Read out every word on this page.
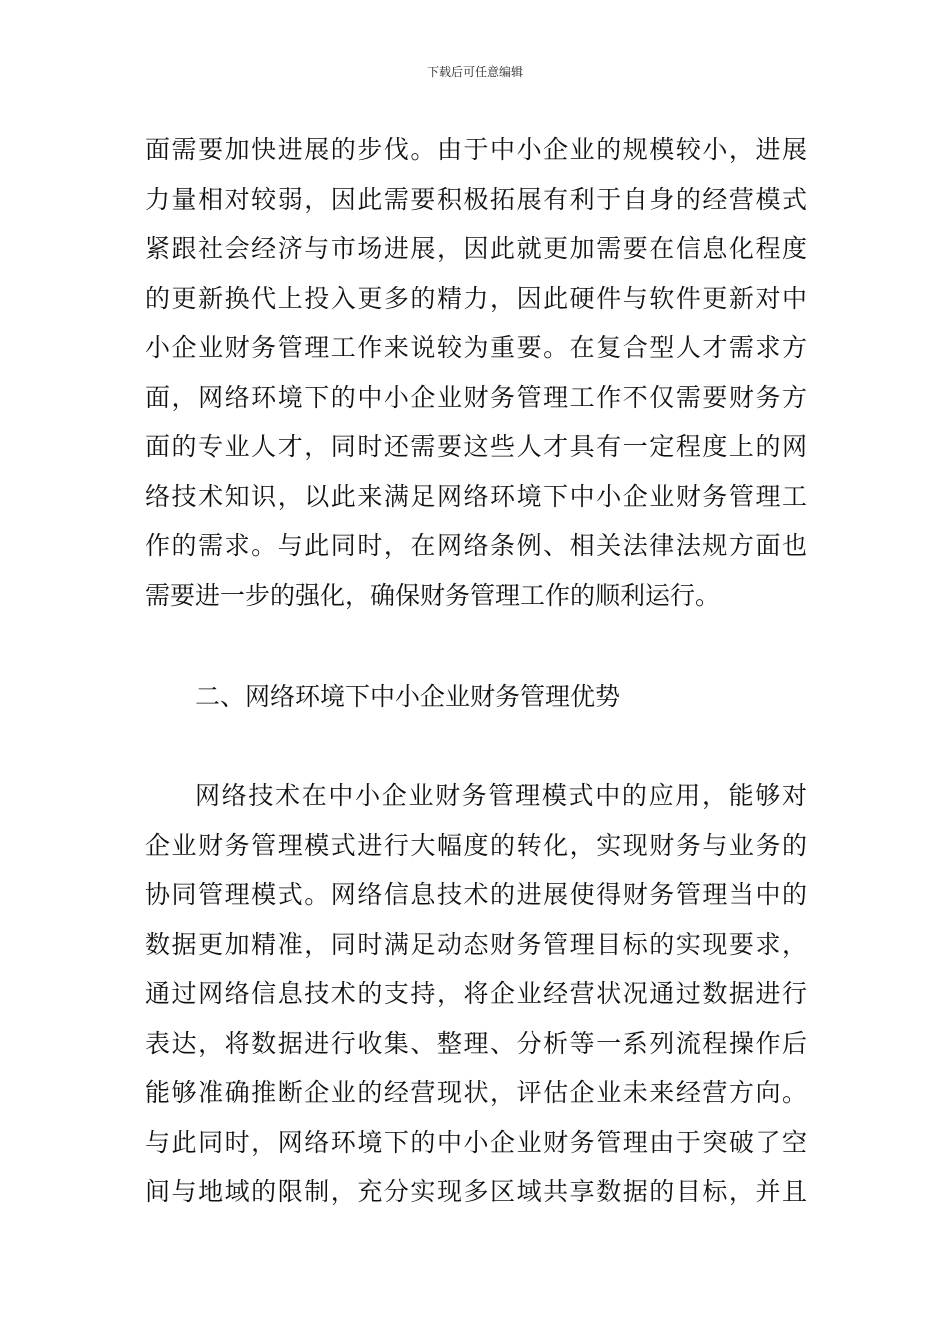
下载后可任意编辑
面需要加快进展的步伐。由于中小企业的规模较小，进展
力量相对较弱，因此需要积极拓展有利于自身的经营模式
紧跟社会经济与市场进展，因此就更加需要在信息化程度
的更新换代上投入更多的精力，因此硬件与软件更新对中
小企业财务管理工作来说较为重要。在复合型人才需求方
面，网络环境下的中小企业财务管理工作不仅需要财务方
面的专业人才，同时还需要这些人才具有一定程度上的网
络技术知识，以此来满足网络环境下中小企业财务管理工
作的需求。与此同时，在网络条例、相关法律法规方面也
需要进一步的强化，确保财务管理工作的顺利运行。
二、网络环境下中小企业财务管理优势
网络技术在中小企业财务管理模式中的应用，能够对
企业财务管理模式进行大幅度的转化，实现财务与业务的
协同管理模式。网络信息技术的进展使得财务管理当中的
数据更加精准，同时满足动态财务管理目标的实现要求，
通过网络信息技术的支持，将企业经营状况通过数据进行
表达，将数据进行收集、整理、分析等一系列流程操作后
能够准确推断企业的经营现状，评估企业未来经营方向。
与此同时，网络环境下的中小企业财务管理由于突破了空
间与地域的限制，充分实现多区域共享数据的目标，并且
